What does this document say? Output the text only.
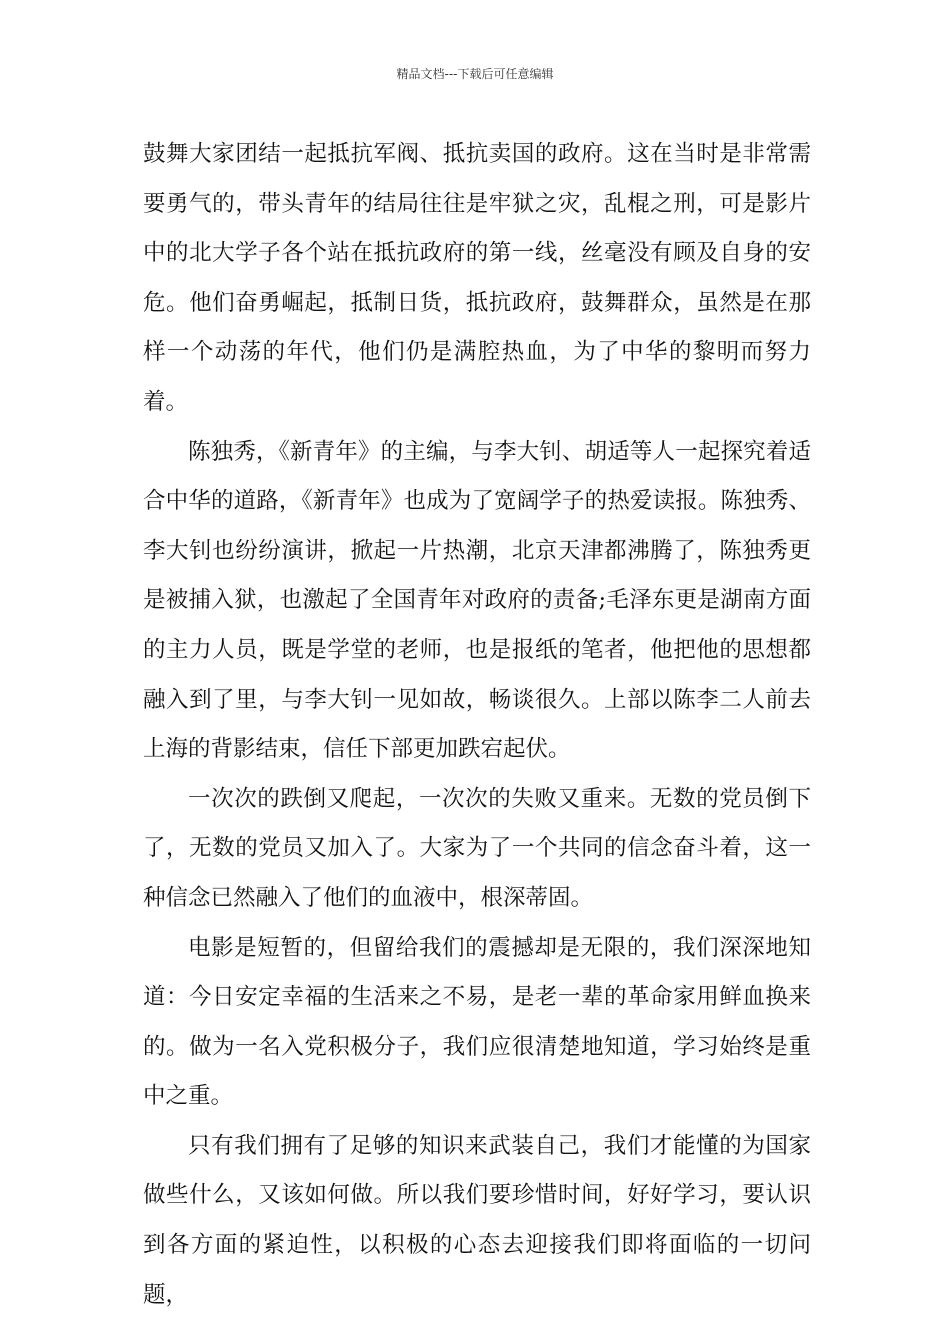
精品文档---下载后可任意编辑

鼓舞大家团结一起抵抗军阀、抵抗卖国的政府。这在当时是非常需要勇气的，带头青年的结局往往是牢狱之灾，乱棍之刑，可是影片中的北大学子各个站在抵抗政府的第一线，丝毫没有顾及自身的安危。他们奋勇崛起，抵制日货，抵抗政府，鼓舞群众，虽然是在那样一个动荡的年代，他们仍是满腔热血，为了中华的黎明而努力着。

陈独秀，《新青年》的主编，与李大钊、胡适等人一起探究着适合中华的道路，《新青年》也成为了宽阔学子的热爱读报。陈独秀、李大钊也纷纷演讲，掀起一片热潮，北京天津都沸腾了，陈独秀更是被捕入狱，也激起了全国青年对政府的责备;毛泽东更是湖南方面的主力人员，既是学堂的老师，也是报纸的笔者，他把他的思想都融入到了里，与李大钊一见如故，畅谈很久。上部以陈李二人前去上海的背影结束，信任下部更加跌宕起伏。

一次次的跌倒又爬起，一次次的失败又重来。无数的党员倒下了，无数的党员又加入了。大家为了一个共同的信念奋斗着，这一种信念已然融入了他们的血液中，根深蒂固。

电影是短暂的，但留给我们的震撼却是无限的，我们深深地知道：今日安定幸福的生活来之不易，是老一辈的革命家用鲜血换来的。做为一名入党积极分子，我们应很清楚地知道，学习始终是重中之重。

只有我们拥有了足够的知识来武装自己，我们才能懂的为国家做些什么，又该如何做。所以我们要珍惜时间，好好学习，要认识到各方面的紧迫性，以积极的心态去迎接我们即将面临的一切问题，
